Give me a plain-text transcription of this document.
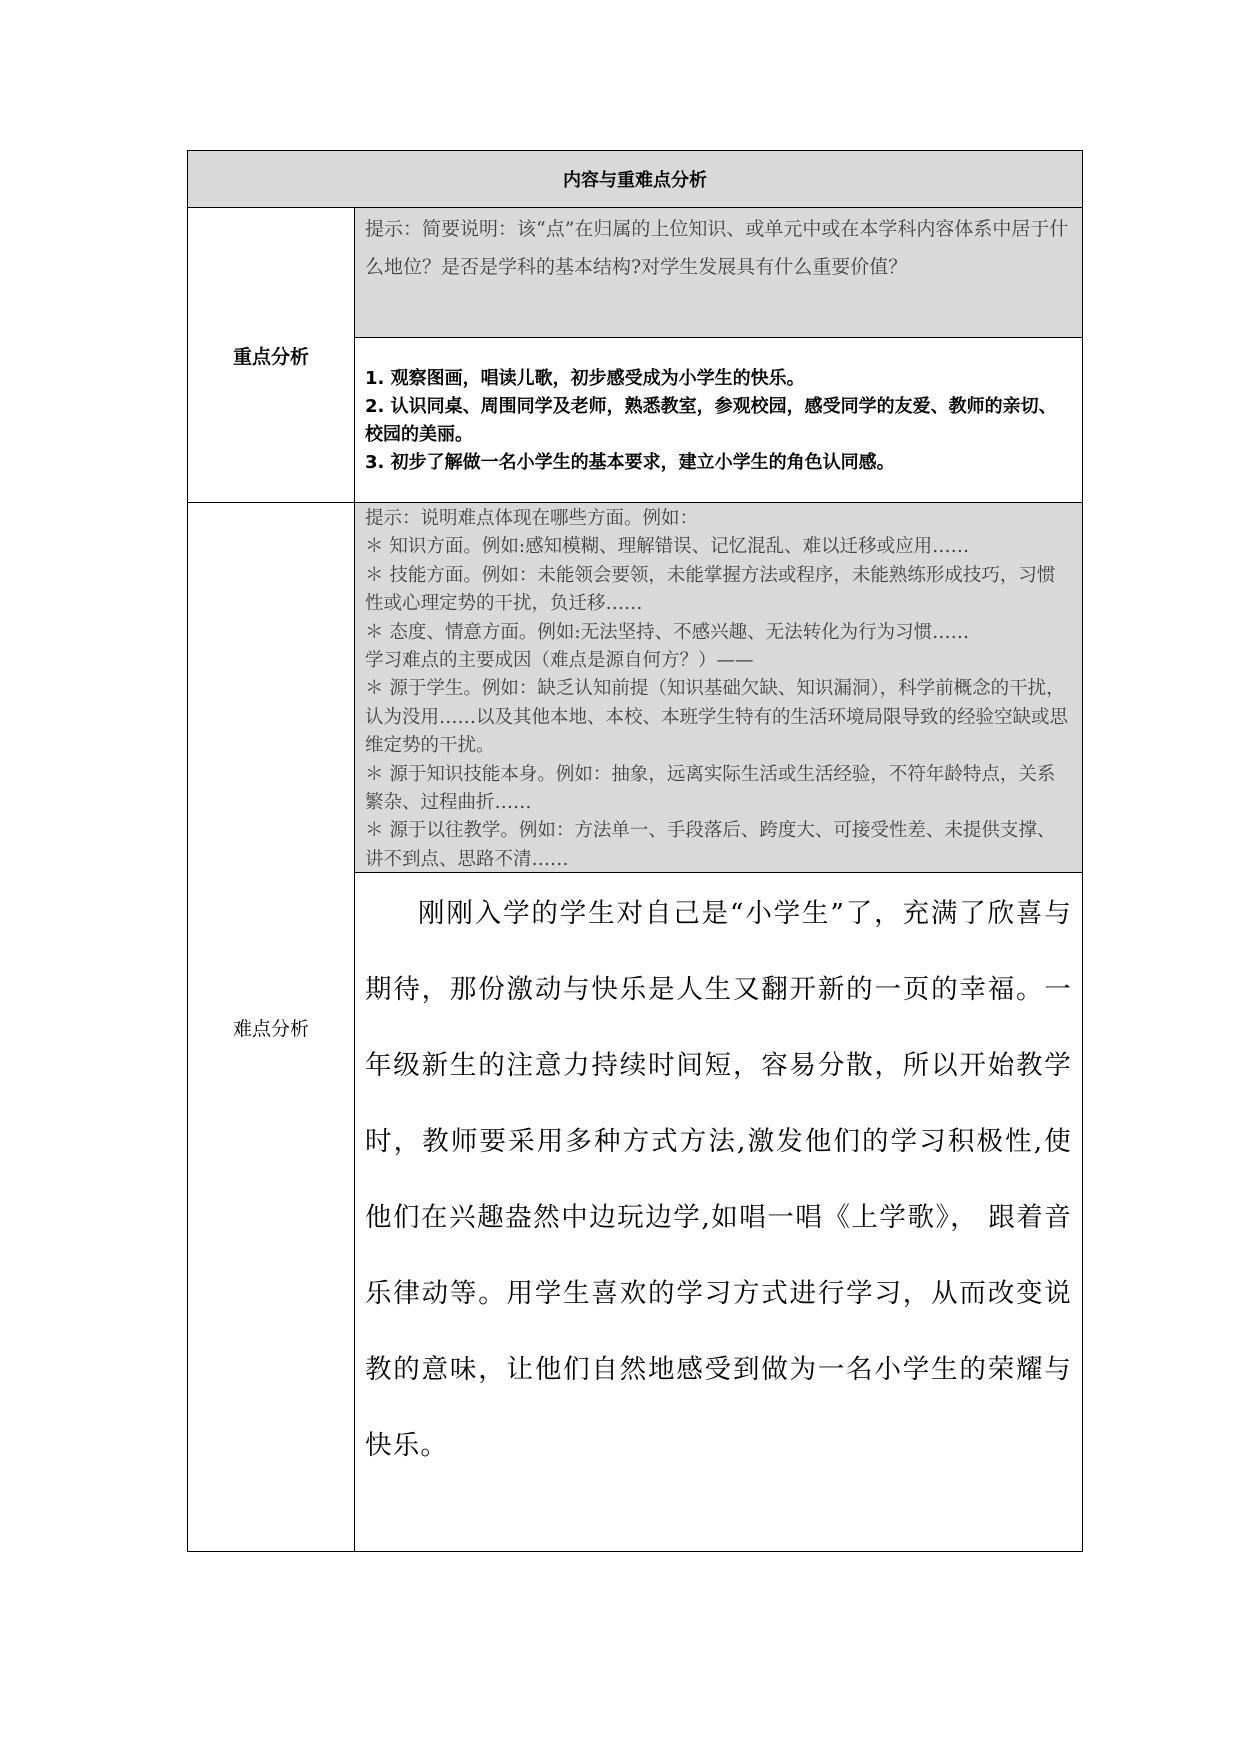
内容与重难点分析
重点分析
提示：简要说明：该“点”在归属的上位知识、或单元中或在本学科内容体系中居于什么地位？是否是学科的基本结构?对学生发展具有什么重要价值？
1. 观察图画，唱读儿歌，初步感受成为小学生的快乐。
2. 认识同桌、周围同学及老师，熟悉教室，参观校园，感受同学的友爱、教师的亲切、校园的美丽。
3. 初步了解做一名小学生的基本要求，建立小学生的角色认同感。
难点分析
提示：说明难点体现在哪些方面。例如：
＊ 知识方面。例如:感知模糊、理解错误、记忆混乱、难以迁移或应用……
＊ 技能方面。例如：未能领会要领，未能掌握方法或程序，未能熟练形成技巧，习惯性或心理定势的干扰，负迁移……
＊ 态度、情意方面。例如:无法坚持、不感兴趣、无法转化为行为习惯……
学习难点的主要成因（难点是源自何方？）——
＊ 源于学生。例如：缺乏认知前提（知识基础欠缺、知识漏洞），科学前概念的干扰，认为没用……以及其他本地、本校、本班学生特有的生活环境局限导致的经验空缺或思维定势的干扰。
＊ 源于知识技能本身。例如：抽象，远离实际生活或生活经验，不符年龄特点，关系繁杂、过程曲折……
＊ 源于以往教学。例如：方法单一、手段落后、跨度大、可接受性差、未提供支撑、讲不到点、思路不清……

刚刚入学的学生对自己是“小学生”了，充满了欣喜与期待，那份激动与快乐是人生又翻开新的一页的幸福。一年级新生的注意力持续时间短，容易分散，所以开始教学时，教师要采用多种方式方法,激发他们的学习积极性,使他们在兴趣盎然中边玩边学,如唱一唱《上学歌》， 跟着音乐律动等。用学生喜欢的学习方式进行学习，从而改变说教的意味，让他们自然地感受到做为一名小学生的荣耀与快乐。
